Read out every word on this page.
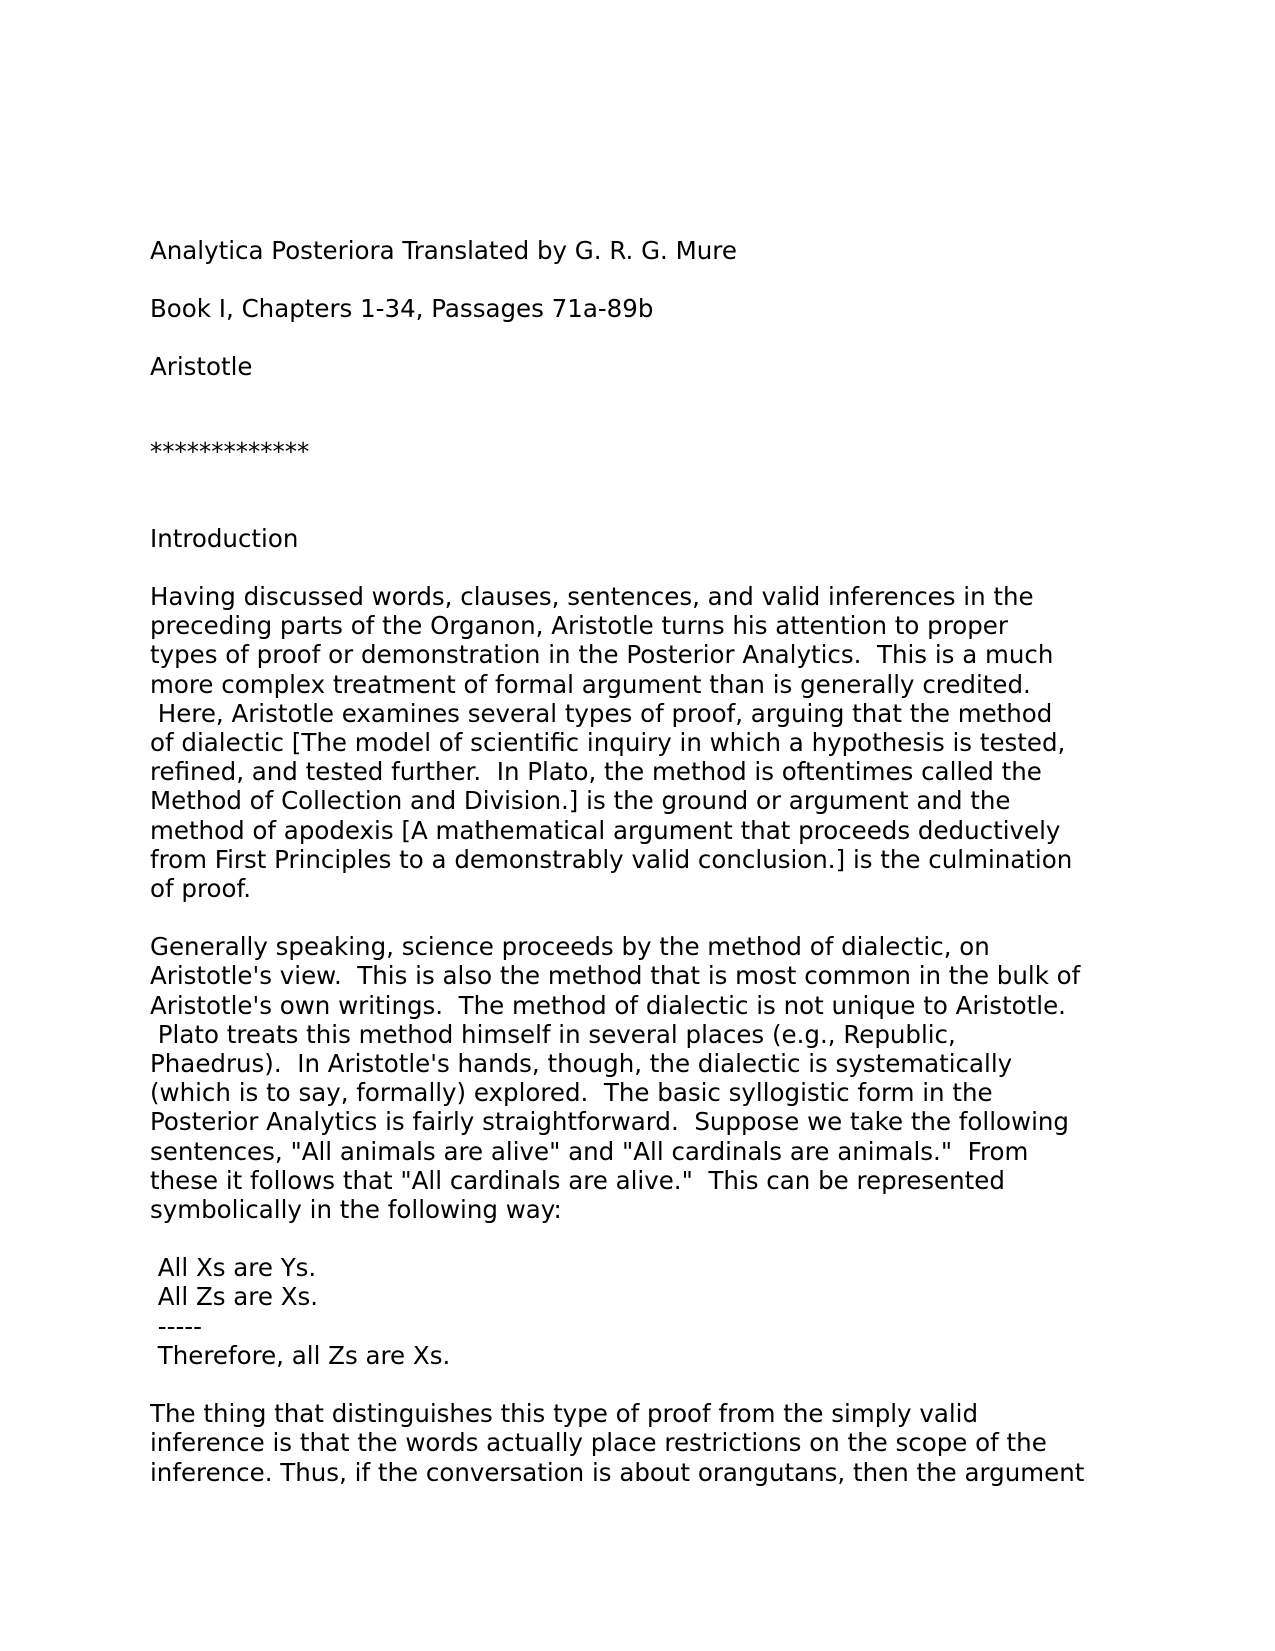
Analytica Posteriora Translated by G. R. G. Mure
Book I, Chapters 1-34, Passages 71a-89b
Aristotle
*************
Introduction
Having discussed words, clauses, sentences, and valid inferences in the
preceding parts of the Organon, Aristotle turns his attention to proper
types of proof or demonstration in the Posterior Analytics.  This is a much
more complex treatment of formal argument than is generally credited.
Here, Aristotle examines several types of proof, arguing that the method
of dialectic [The model of scientific inquiry in which a hypothesis is tested,
refined, and tested further.  In Plato, the method is oftentimes called the
Method of Collection and Division.] is the ground or argument and the
method of apodexis [A mathematical argument that proceeds deductively
from First Principles to a demonstrably valid conclusion.] is the culmination
of proof.
Generally speaking, science proceeds by the method of dialectic, on
Aristotle's view.  This is also the method that is most common in the bulk of
Aristotle's own writings.  The method of dialectic is not unique to Aristotle.
Plato treats this method himself in several places (e.g., Republic,
Phaedrus).  In Aristotle's hands, though, the dialectic is systematically
(which is to say, formally) explored.  The basic syllogistic form in the
Posterior Analytics is fairly straightforward.  Suppose we take the following
sentences, "All animals are alive" and "All cardinals are animals."  From
these it follows that "All cardinals are alive."  This can be represented
symbolically in the following way:
All Xs are Ys.
All Zs are Xs.
-----
Therefore, all Zs are Xs.
The thing that distinguishes this type of proof from the simply valid
inference is that the words actually place restrictions on the scope of the
inference. Thus, if the conversation is about orangutans, then the argument
